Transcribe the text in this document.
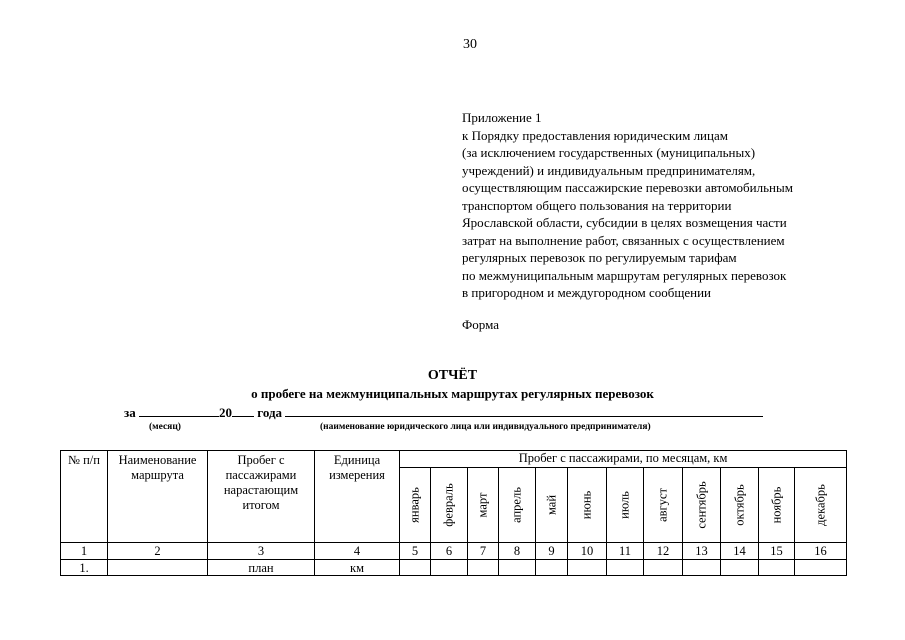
30
Приложение 1
к Порядку предоставления юридическим лицам
(за исключением государственных (муниципальных)
учреждений) и индивидуальным предпринимателям,
осуществляющим пассажирские перевозки автомобильным
транспортом общего пользования на территории
Ярославской области, субсидии в целях возмещения части
затрат на выполнение работ, связанных с осуществлением
регулярных перевозок по регулируемым тарифам
по межмуниципальным маршрутам регулярных перевозок
в пригородном и междугородном сообщении
Форма
ОТЧЁТ
о пробеге на межмуниципальных маршрутах регулярных перевозок
за	20 года
(месяц)	(наименование юридического лица или индивидуального предпринимателя)
№ п/п	Наименование маршрута	Пробег с пассажирами нарастающим итогом	Единица измерения	Пробег с пассажирами, по месяцам, км											

				январь	февраль	март	апрель	май	июнь	июль	август	сентябрь	октябрь	ноябрь	декабрь

1	2	3	4	5	6	7	8	9	10	11	12	13	14	15	16
1.		план	км												
